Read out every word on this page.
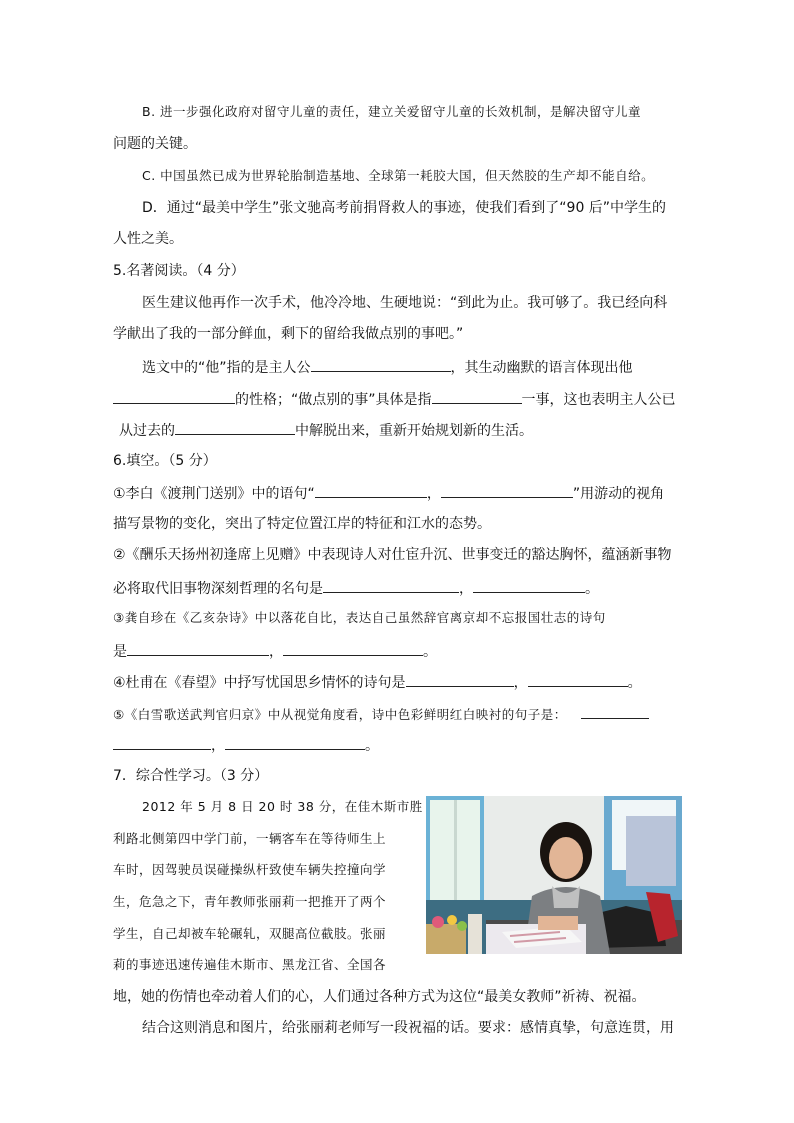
B. 进一步强化政府对留守儿童的责任，建立关爱留守儿童的长效机制，是解决留守儿童
问题的关键。
C. 中国虽然已成为世界轮胎制造基地、全球第一耗胶大国，但天然胶的生产却不能自给。
D．通过“最美中学生”张文驰高考前捐肾救人的事迹，使我们看到了“90 后”中学生的
人性之美。
5.名著阅读。（4 分）
医生建议他再作一次手术，他冷冷地、生硬地说：“到此为止。我可够了。我已经向科
学献出了我的一部分鲜血，剩下的留给我做点别的事吧。”
选文中的“他”指的是主人公	，其生动幽默的语言体现出他
的性格；“做点别的事”具体是指	一事，这也表明主人公已
从过去的	中解脱出来，重新开始规划新的生活。
6.填空。（5 分）
①李白《渡荆门送别》中的语句“	，	”用游动的视角
描写景物的变化，突出了特定位置江岸的特征和江水的态势。
②《酬乐天扬州初逢席上见赠》中表现诗人对仕宦升沉、世事变迁的豁达胸怀，蕴涵新事物
必将取代旧事物深刻哲理的名句是	，	。
③龚自珍在《乙亥杂诗》中以落花自比，表达自己虽然辞官离京却不忘报国壮志的诗句
是	，	。
④杜甫在《春望》中抒写忧国思乡情怀的诗句是	，	。
⑤《白雪歌送武判官归京》中从视觉角度看，诗中色彩鲜明红白映衬的句子是：
，	。
7．综合性学习。（3 分）
2012 年 5 月 8 日 20 时 38 分，在佳木斯市胜
利路北侧第四中学门前，一辆客车在等待师生上
车时，因驾驶员误碰操纵杆致使车辆失控撞向学
生，危急之下，青年教师张丽莉一把推开了两个
学生，自己却被车轮碾轧，双腿高位截肢。张丽
莉的事迹迅速传遍佳木斯市、黑龙江省、全国各
地，她的伤情也牵动着人们的心，人们通过各种方式为这位“最美女教师”祈祷、祝福。
结合这则消息和图片，给张丽莉老师写一段祝福的话。要求：感情真挚，句意连贯，用
